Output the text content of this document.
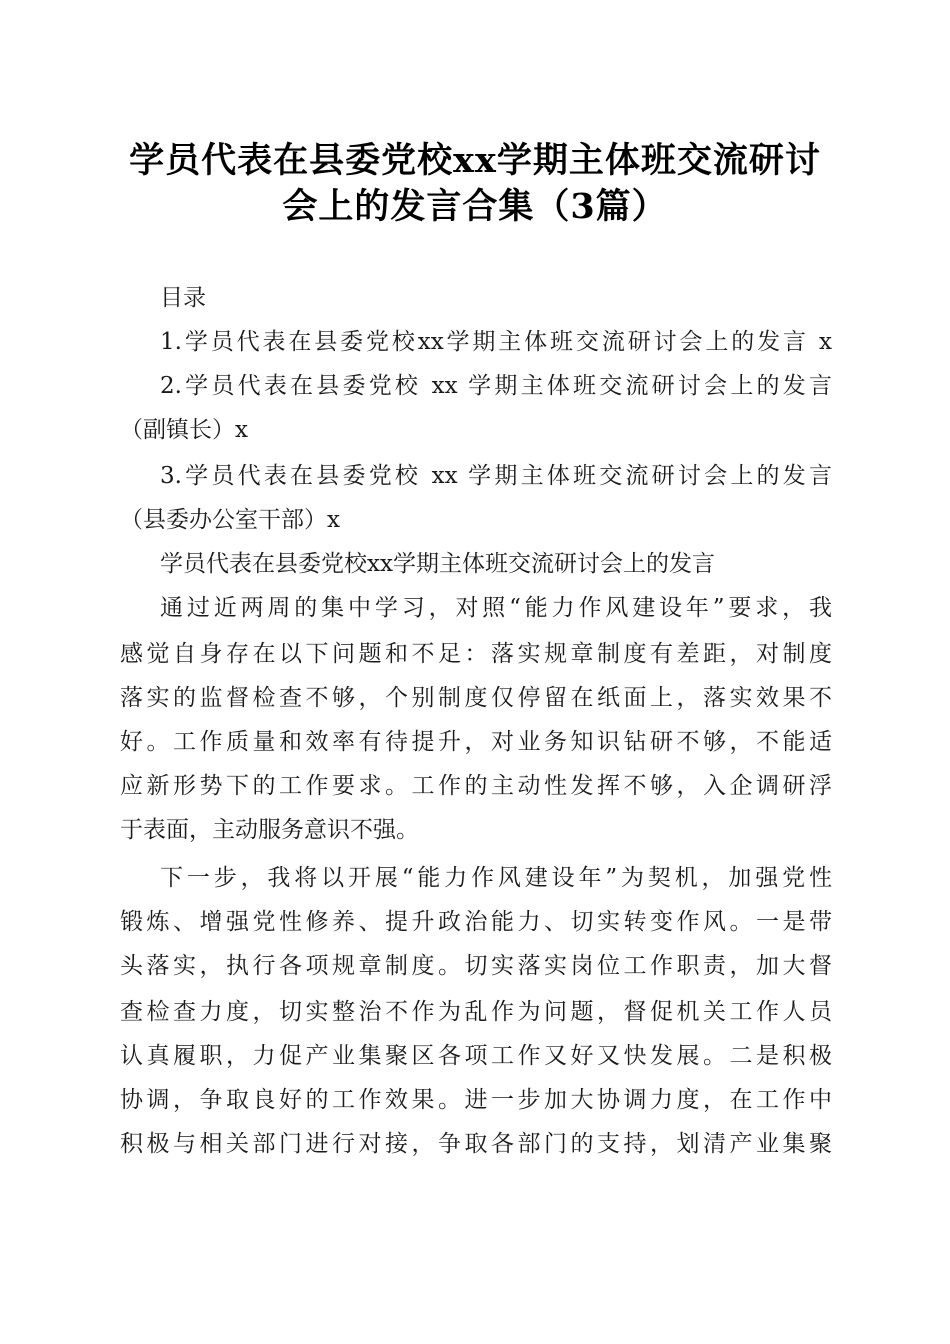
学员代表在县委党校xx学期主体班交流研讨
会上的发言合集（3篇）

目录

1.学员代表在县委党校xx学期主体班交流研讨会上的发言 x

2.学员代表在县委党校 xx 学期主体班交流研讨会上的发言

（副镇长）x

3.学员代表在县委党校 xx 学期主体班交流研讨会上的发言

（县委办公室干部）x

学员代表在县委党校xx学期主体班交流研讨会上的发言

通过近两周的集中学习，对照“能力作风建设年”要求，我

感觉自身存在以下问题和不足：落实规章制度有差距，对制度

落实的监督检查不够，个别制度仅停留在纸面上，落实效果不

好。工作质量和效率有待提升，对业务知识钻研不够，不能适

应新形势下的工作要求。工作的主动性发挥不够，入企调研浮

于表面，主动服务意识不强。

下一步，我将以开展“能力作风建设年”为契机，加强党性

锻炼、增强党性修养、提升政治能力、切实转变作风。一是带

头落实，执行各项规章制度。切实落实岗位工作职责，加大督

查检查力度，切实整治不作为乱作为问题，督促机关工作人员

认真履职，力促产业集聚区各项工作又好又快发展。二是积极

协调，争取良好的工作效果。进一步加大协调力度，在工作中

积极与相关部门进行对接，争取各部门的支持，划清产业集聚
